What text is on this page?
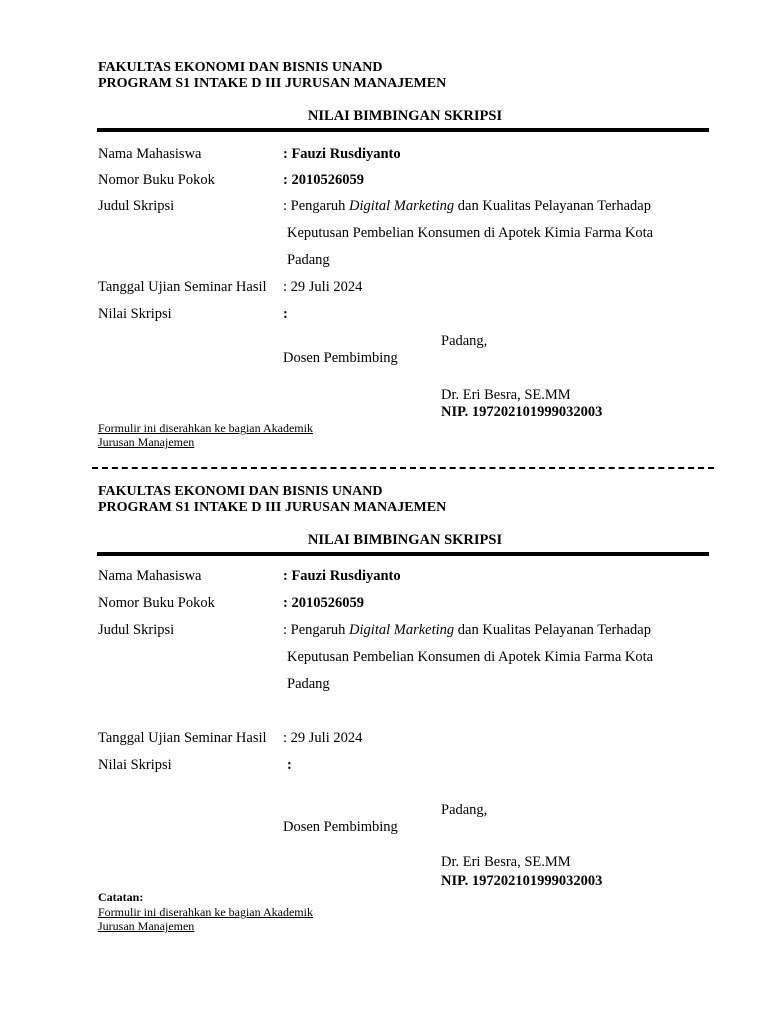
FAKULTAS EKONOMI DAN BISNIS UNAND
PROGRAM S1 INTAKE D III JURUSAN MANAJEMEN
NILAI BIMBINGAN SKRIPSI
Nama Mahasiswa	: Fauzi Rusdiyanto
Nomor Buku Pokok	: 2010526059
Judul Skripsi	: Pengaruh Digital Marketing dan Kualitas Pelayanan Terhadap
Keputusan Pembelian Konsumen di Apotek Kimia Farma Kota
Padang
Tanggal Ujian Seminar Hasil : 29 Juli 2024
Nilai Skripsi	:
Padang,
Dosen Pembimbing
Dr. Eri Besra, SE.MM
NIP. 197202101999032003
Formulir ini diserahkan ke bagian Akademik
Jurusan Manajemen
FAKULTAS EKONOMI DAN BISNIS UNAND
PROGRAM S1 INTAKE D III JURUSAN MANAJEMEN
NILAI BIMBINGAN SKRIPSI
Nama Mahasiswa	: Fauzi Rusdiyanto
Nomor Buku Pokok	: 2010526059
Judul Skripsi	: Pengaruh Digital Marketing dan Kualitas Pelayanan Terhadap
Keputusan Pembelian Konsumen di Apotek Kimia Farma Kota
Padang
Tanggal Ujian Seminar Hasil : 29 Juli 2024
Nilai Skripsi	:
Padang,
Dosen Pembimbing
Dr. Eri Besra, SE.MM
NIP. 197202101999032003
Catatan:
Formulir ini diserahkan ke bagian Akademik
Jurusan Manajemen
